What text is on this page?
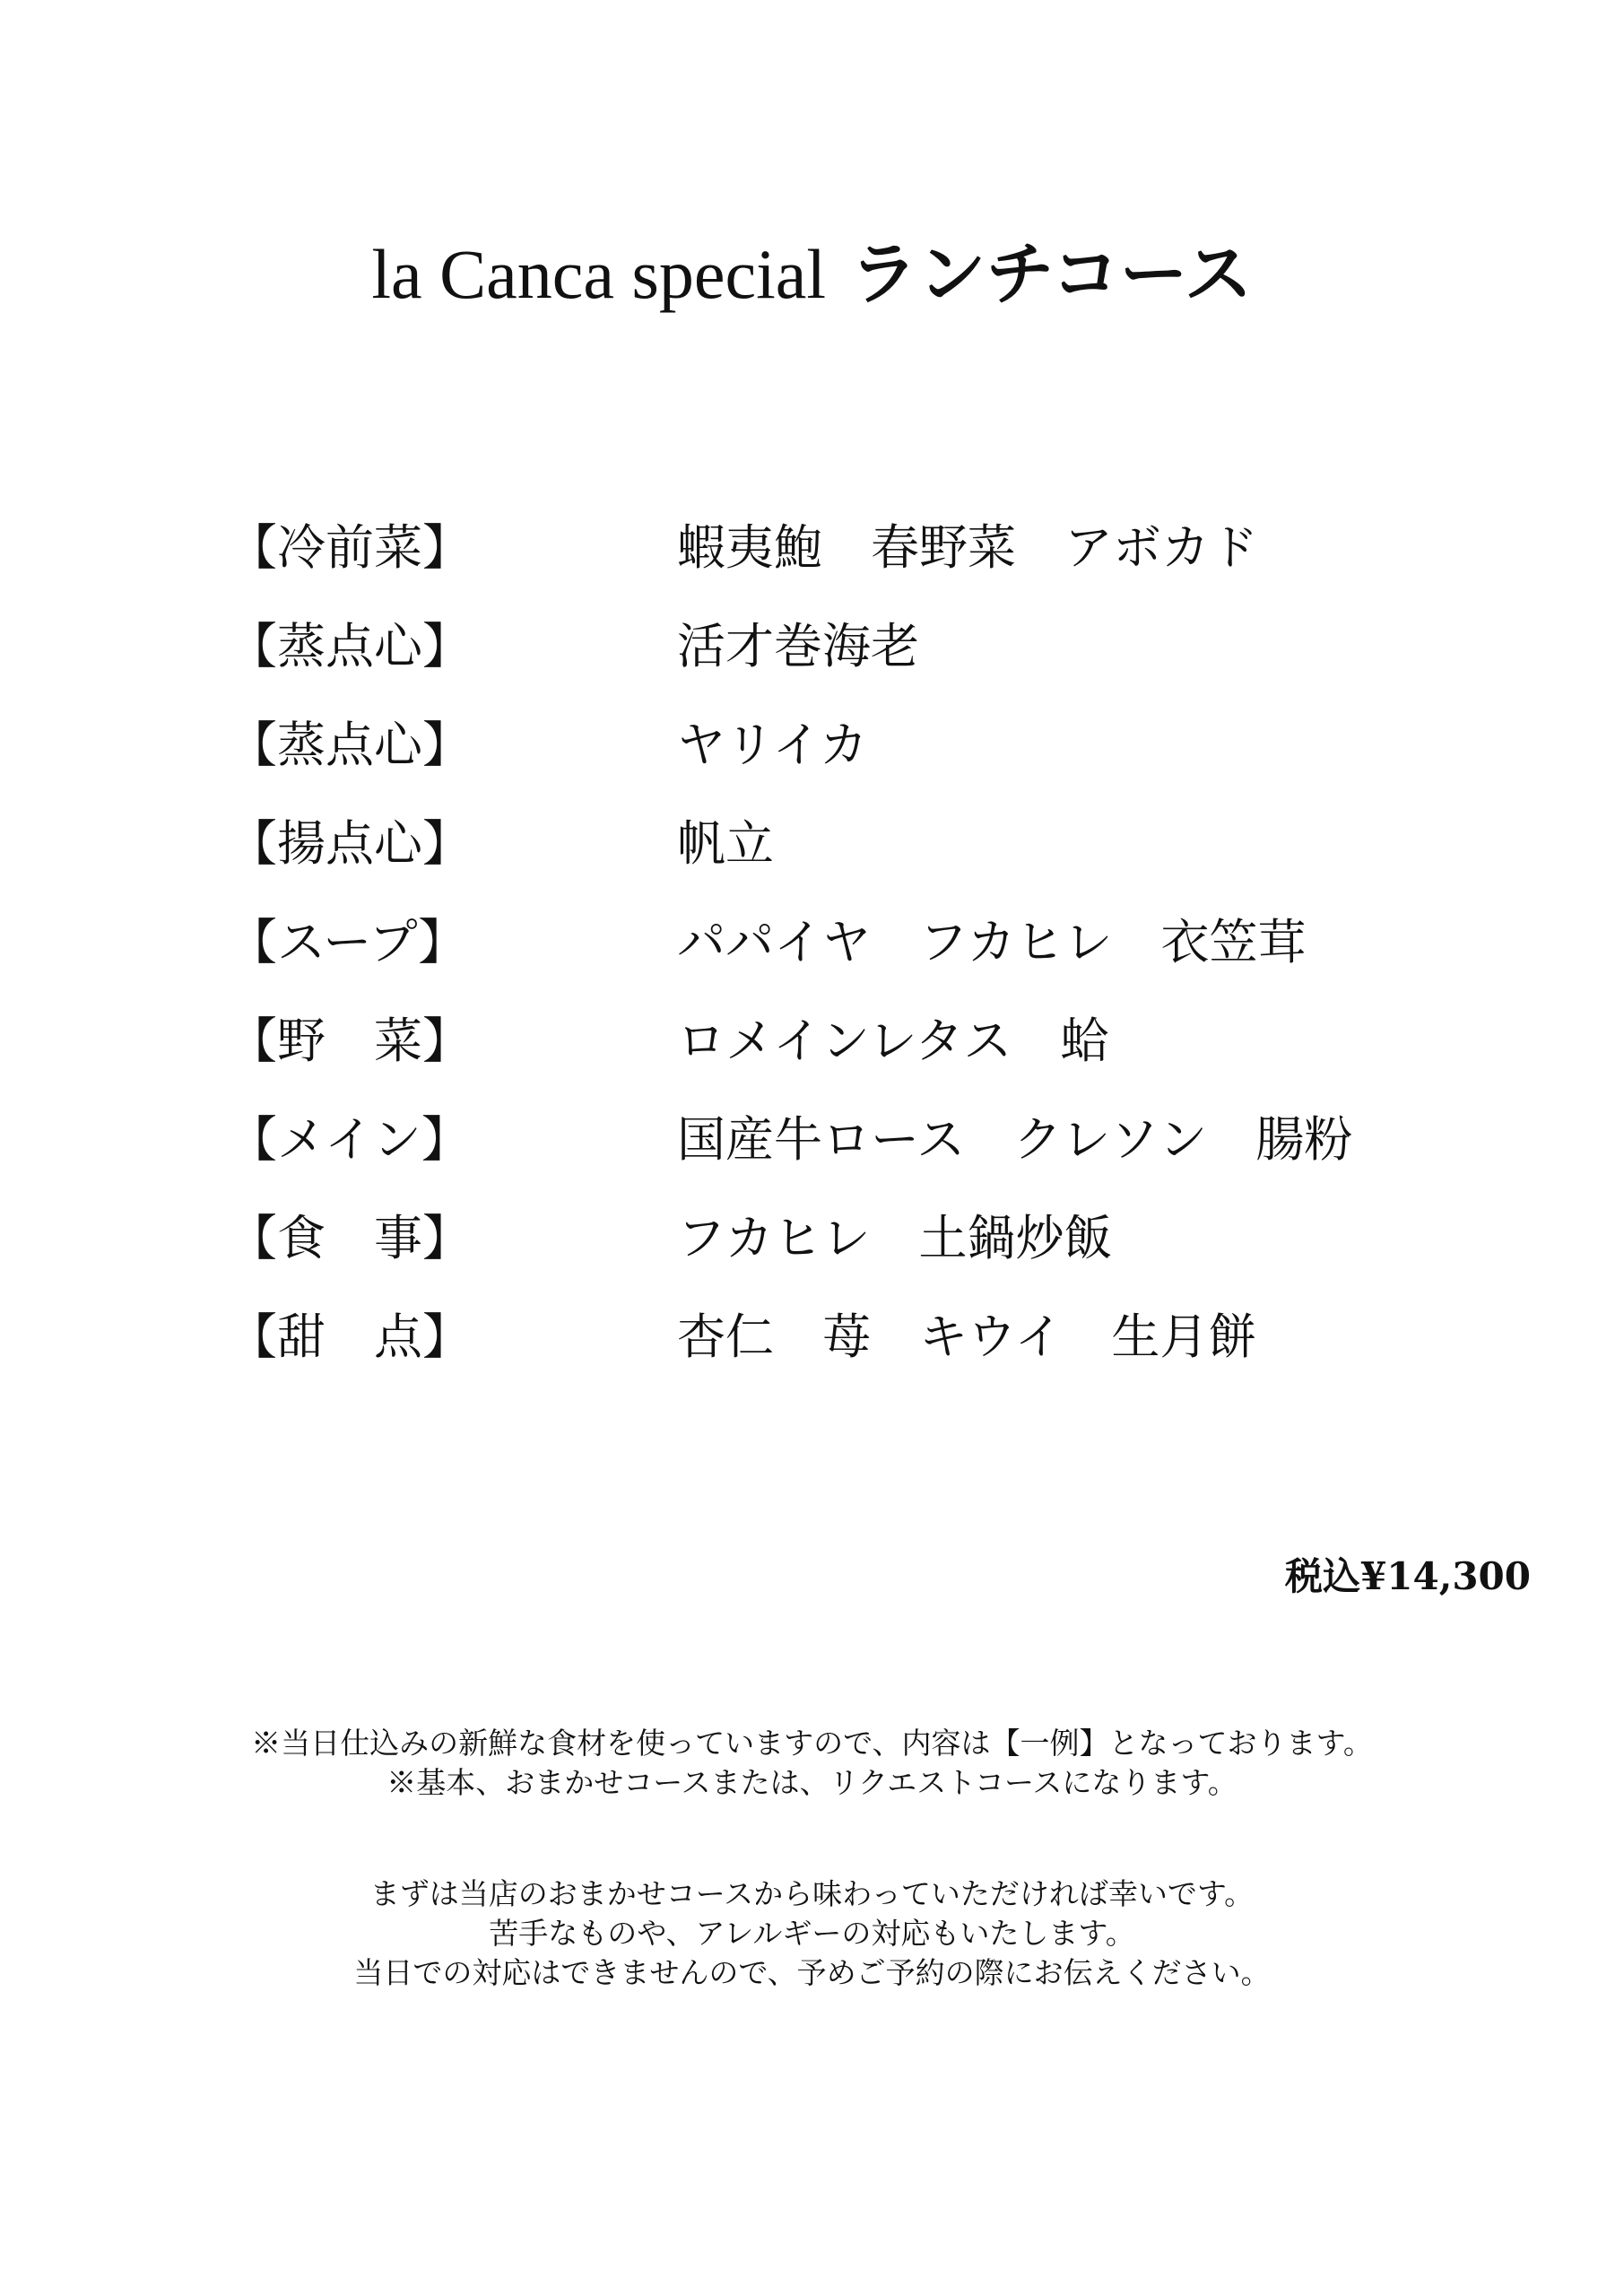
la Canca special ランチコース
【冷前菜】	蝦夷鮑　春野菜　アボカド
【蒸点心】	活才巻海老
【蒸点心】	ヤリイカ
【揚点心】	帆立
【スープ】	パパイヤ　フカヒレ　衣笠茸
【野　菜】	ロメインレタス　蛤
【メイン】	国産牛ロース　クレソン　腸粉
【食　事】	フカヒレ　土鍋炒飯
【甜　点】	杏仁　苺　キウイ　生月餅
税込¥14,300
※当日仕込みの新鮮な食材を使っていますので、内容は【一例】となっております。
※基本、おまかせコースまたは、リクエストコースになります。
まずは当店のおまかせコースから味わっていただければ幸いです。
苦手なものや、アレルギーの対応もいたします。
当日での対応はできませんので、予めご予約の際にお伝えください。
